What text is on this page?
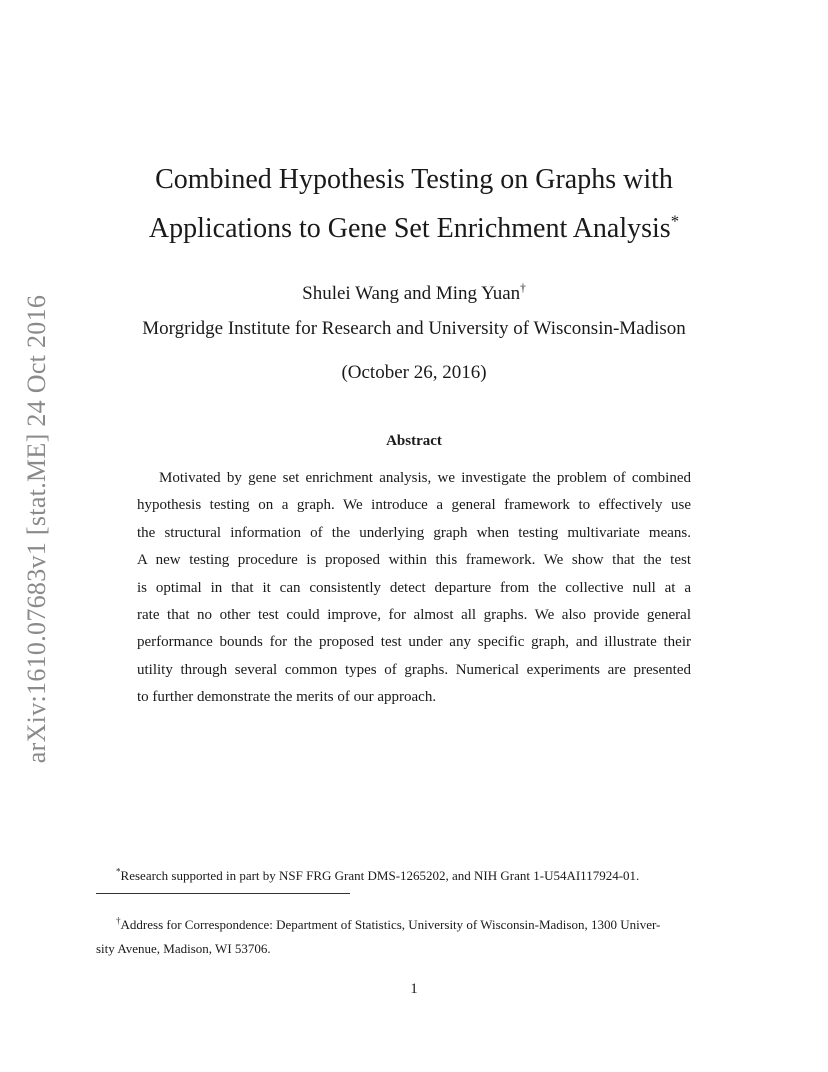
arXiv:1610.07683v1 [stat.ME] 24 Oct 2016
Combined Hypothesis Testing on Graphs with
Applications to Gene Set Enrichment Analysis*
Shulei Wang and Ming Yuan†
Morgridge Institute for Research and University of Wisconsin-Madison
(October 26, 2016)
Abstract
Motivated by gene set enrichment analysis, we investigate the problem of combined
hypothesis testing on a graph. We introduce a general framework to effectively use
the structural information of the underlying graph when testing multivariate means.
A new testing procedure is proposed within this framework. We show that the test
is optimal in that it can consistently detect departure from the collective null at a
rate that no other test could improve, for almost all graphs. We also provide general
performance bounds for the proposed test under any specific graph, and illustrate their
utility through several common types of graphs. Numerical experiments are presented
to further demonstrate the merits of our approach.
*Research supported in part by NSF FRG Grant DMS-1265202, and NIH Grant 1-U54AI117924-01.
†Address for Correspondence: Department of Statistics, University of Wisconsin-Madison, 1300 Univer-
sity Avenue, Madison, WI 53706.
1
